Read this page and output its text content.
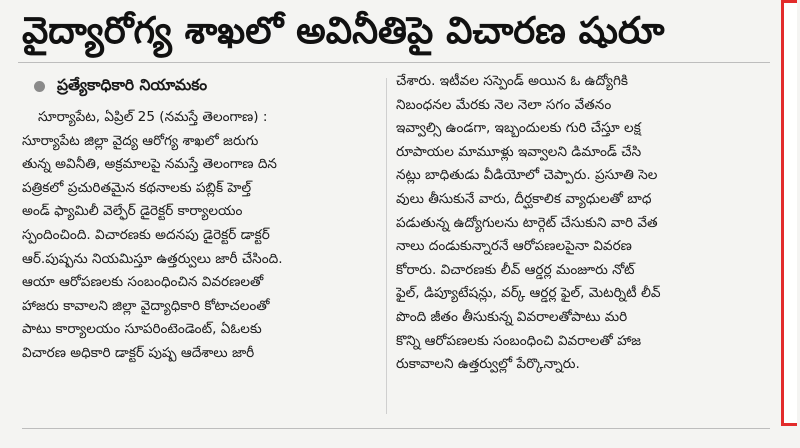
వైద్యారోగ్య శాఖలో అవినీతిపై విచారణ షురూ
ప్రత్యేకాధికారి నియామకం
సూర్యాపేట, ఏప్రిల్ 25 (నమస్తే తెలంగాణ) :
సూర్యాపేట జిల్లా వైద్య ఆరోగ్య శాఖలో జరుగు
తున్న అవినీతి, అక్రమాలపై నమస్తే తెలంగాణ దిన
పత్రికలో ప్రచురితమైన కథనాలకు పబ్లిక్ హెల్త్
అండ్ ఫ్యామిలీ వెల్ఫేర్ డైరెక్టర్ కార్యాలయం
స్పందించింది. విచారణకు అదనపు డైరెక్టర్ డాక్టర్
ఆర్.పుష్పను నియమిస్తూ ఉత్తర్వులు జారీ చేసింది.
ఆయా ఆరోపణలకు సంబంధించిన వివరణలతో
హాజరు కావాలని జిల్లా వైద్యాధికారి కోటాచలంతో
పాటు కార్యాలయం సూపరింటెండెంట్, ఏఓలకు
విచారణ అధికారి డాక్టర్ పుష్ప ఆదేశాలు జారీ
చేశారు. ఇటీవల సస్పెండ్ అయిన ఓ ఉద్యోగికి
నిబంధనల మేరకు నెల నెలా సగం వేతనం
ఇవ్వాల్సి ఉండగా, ఇబ్బందులకు గురి చేస్తూ లక్ష
రూపాయల మామూళ్లు ఇవ్వాలని డిమాండ్ చేసి
నట్లు బాధితుడు వీడియోలో చెప్పారు. ప్రసూతి సెల
వులు తీసుకునే వారు, దీర్ఘకాలిక వ్యాధులతో బాధ
పడుతున్న ఉద్యోగులను టార్గెట్ చేసుకుని వారి వేత
నాలు దండుకున్నారనే ఆరోపణలపైనా వివరణ
కోరారు. విచారణకు లీవ్ ఆర్డర్ల మంజూరు నోట్
ఫైల్, డిప్యూటేషన్లు, వర్క్ ఆర్డర్ల ఫైల్, మెటర్నిటీ లీవ్
పొంది జీతం తీసుకున్న వివరాలతోపాటు మరి
కొన్ని ఆరోపణలకు సంబంధించి వివరాలతో హాజ
రుకావాలని ఉత్తర్వుల్లో పేర్కొన్నారు.
